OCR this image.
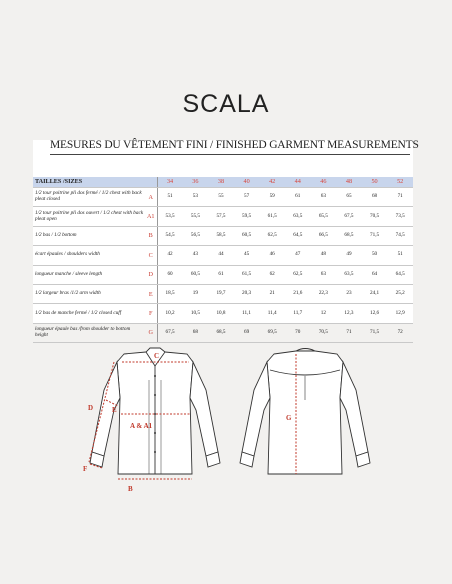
SCALA
MESURES DU VÊTEMENT FINI / FINISHED GARMENT MEASUREMENTS
TAILLES /SIZES		34	36	38	40	42	44	46	48	50	52
1/2 tour poitrine pli dos fermé / 1/2 chest with back pleat closed	A	51	53	55	57	59	61	63	65	68	71
1/2 tour poitrine pli dos ouvert / 1/2 chest with back pleat open	A1	53,5	55,5	57,5	59,5	61,5	63,5	65,5	67,5	70,5	73,5
1/2 bas / 1/2 bottom	B	54,5	56,5	58,5	60,5	62,5	64,5	66,5	68,5	71,5	74,5
écart épaules / shoulders width	C	42	43	44	45	46	47	48	49	50	51
longueur manche / sleeve length	D	60	60,5	61	61,5	62	62,5	63	63,5	64	64,5
1/2 largeur bras /1/2 arm width	E	18,5	19	19,7	20,3	21	21,6	22,3	23	24,1	25,2
1/2 bas de manche fermé / 1/2 closed cuff	F	10,2	10,5	10,8	11,1	11,4	11,7	12	12,3	12,6	12,9
longueur épaule bas /from shoulder to bottom height	G	67,5	68	68,5	69	69,5	70	70,5	71	71,5	72
C
D	E
A & A1
F
B
G
